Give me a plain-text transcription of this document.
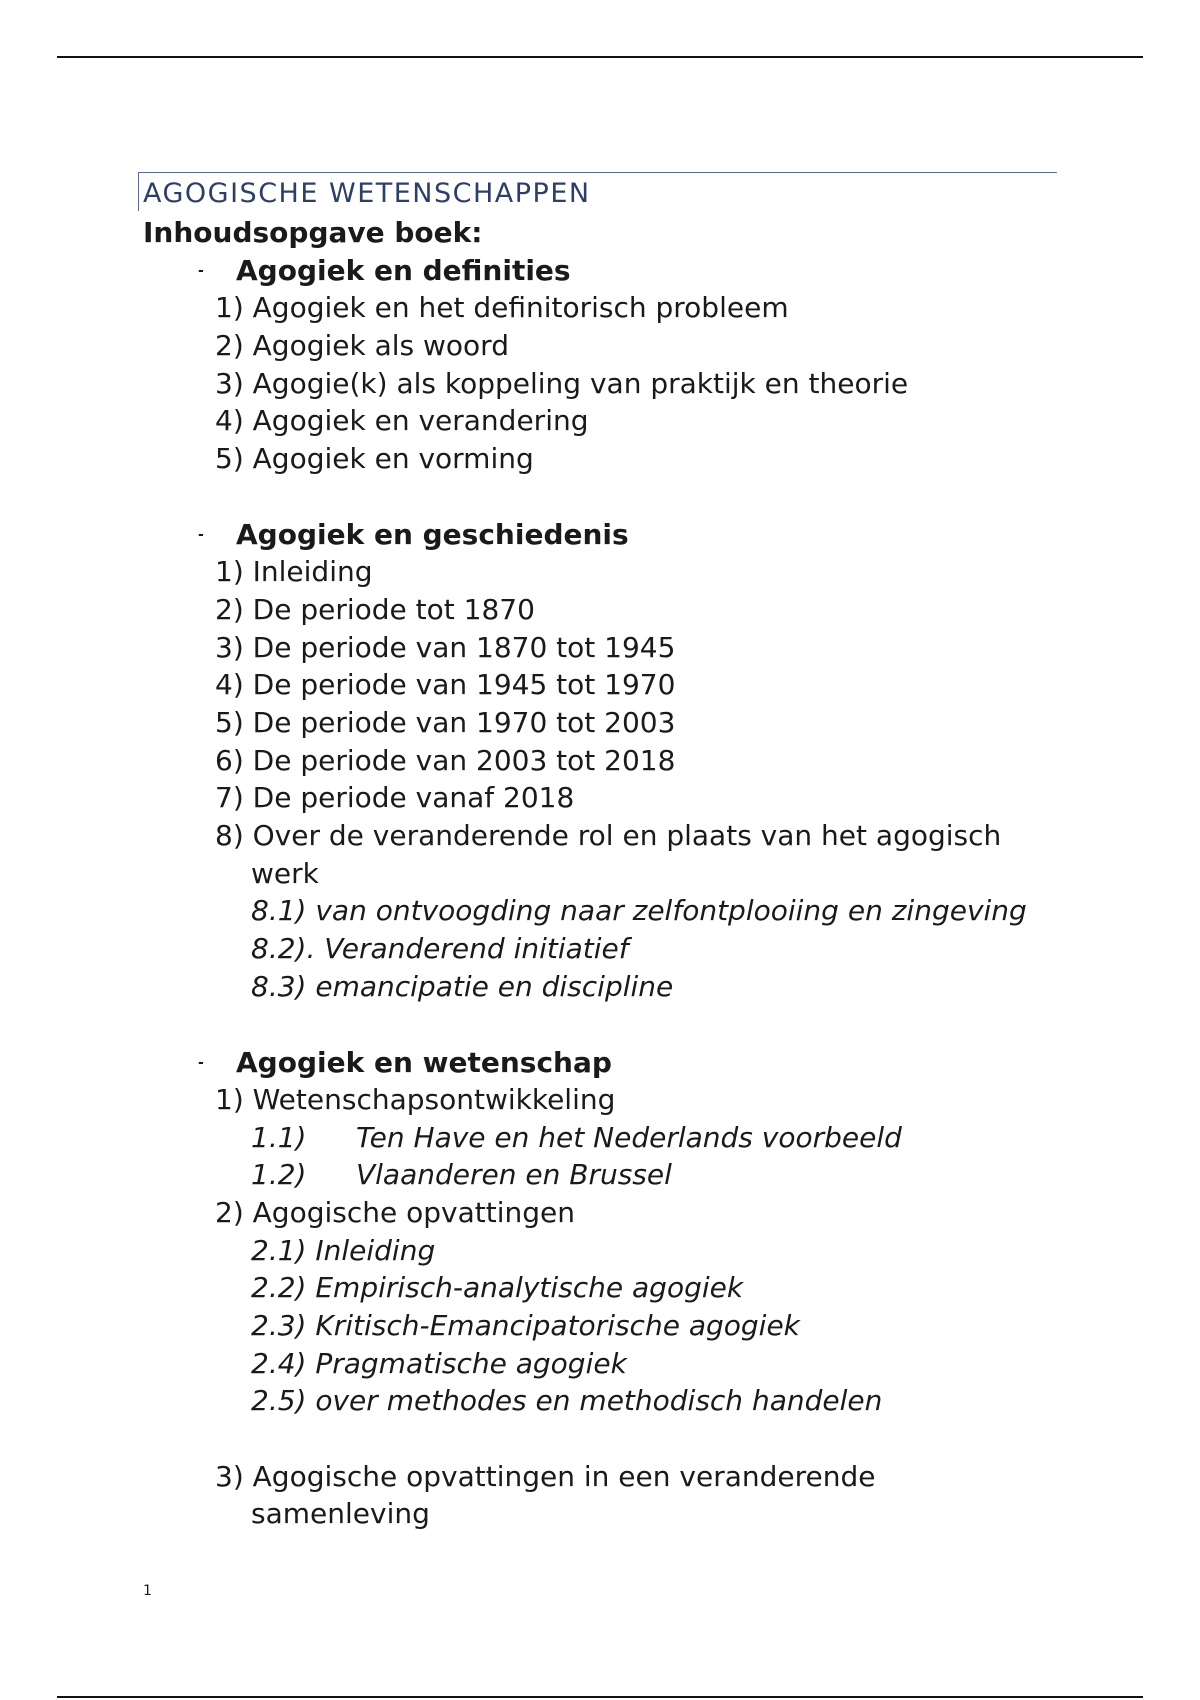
AGOGISCHE WETENSCHAPPEN
Inhoudsopgave boek:
- Agogiek en definities
1) Agogiek en het definitorisch probleem
2) Agogiek als woord
3) Agogie(k) als koppeling van praktijk en theorie
4) Agogiek en verandering
5) Agogiek en vorming
- Agogiek en geschiedenis
1) Inleiding
2) De periode tot 1870
3) De periode van 1870 tot 1945
4) De periode van 1945 tot 1970
5) De periode van 1970 tot 2003
6) De periode van 2003 tot 2018
7) De periode vanaf 2018
8) Over de veranderende rol en plaats van het agogisch
werk
8.1) van ontvoogding naar zelfontplooiing en zingeving
8.2). Veranderend initiatief
8.3) emancipatie en discipline
- Agogiek en wetenschap
1) Wetenschapsontwikkeling
1.1) Ten Have en het Nederlands voorbeeld
1.2) Vlaanderen en Brussel
2) Agogische opvattingen
2.1) Inleiding
2.2) Empirisch-analytische agogiek
2.3) Kritisch-Emancipatorische agogiek
2.4) Pragmatische agogiek
2.5) over methodes en methodisch handelen
3) Agogische opvattingen in een veranderende
samenleving
1
